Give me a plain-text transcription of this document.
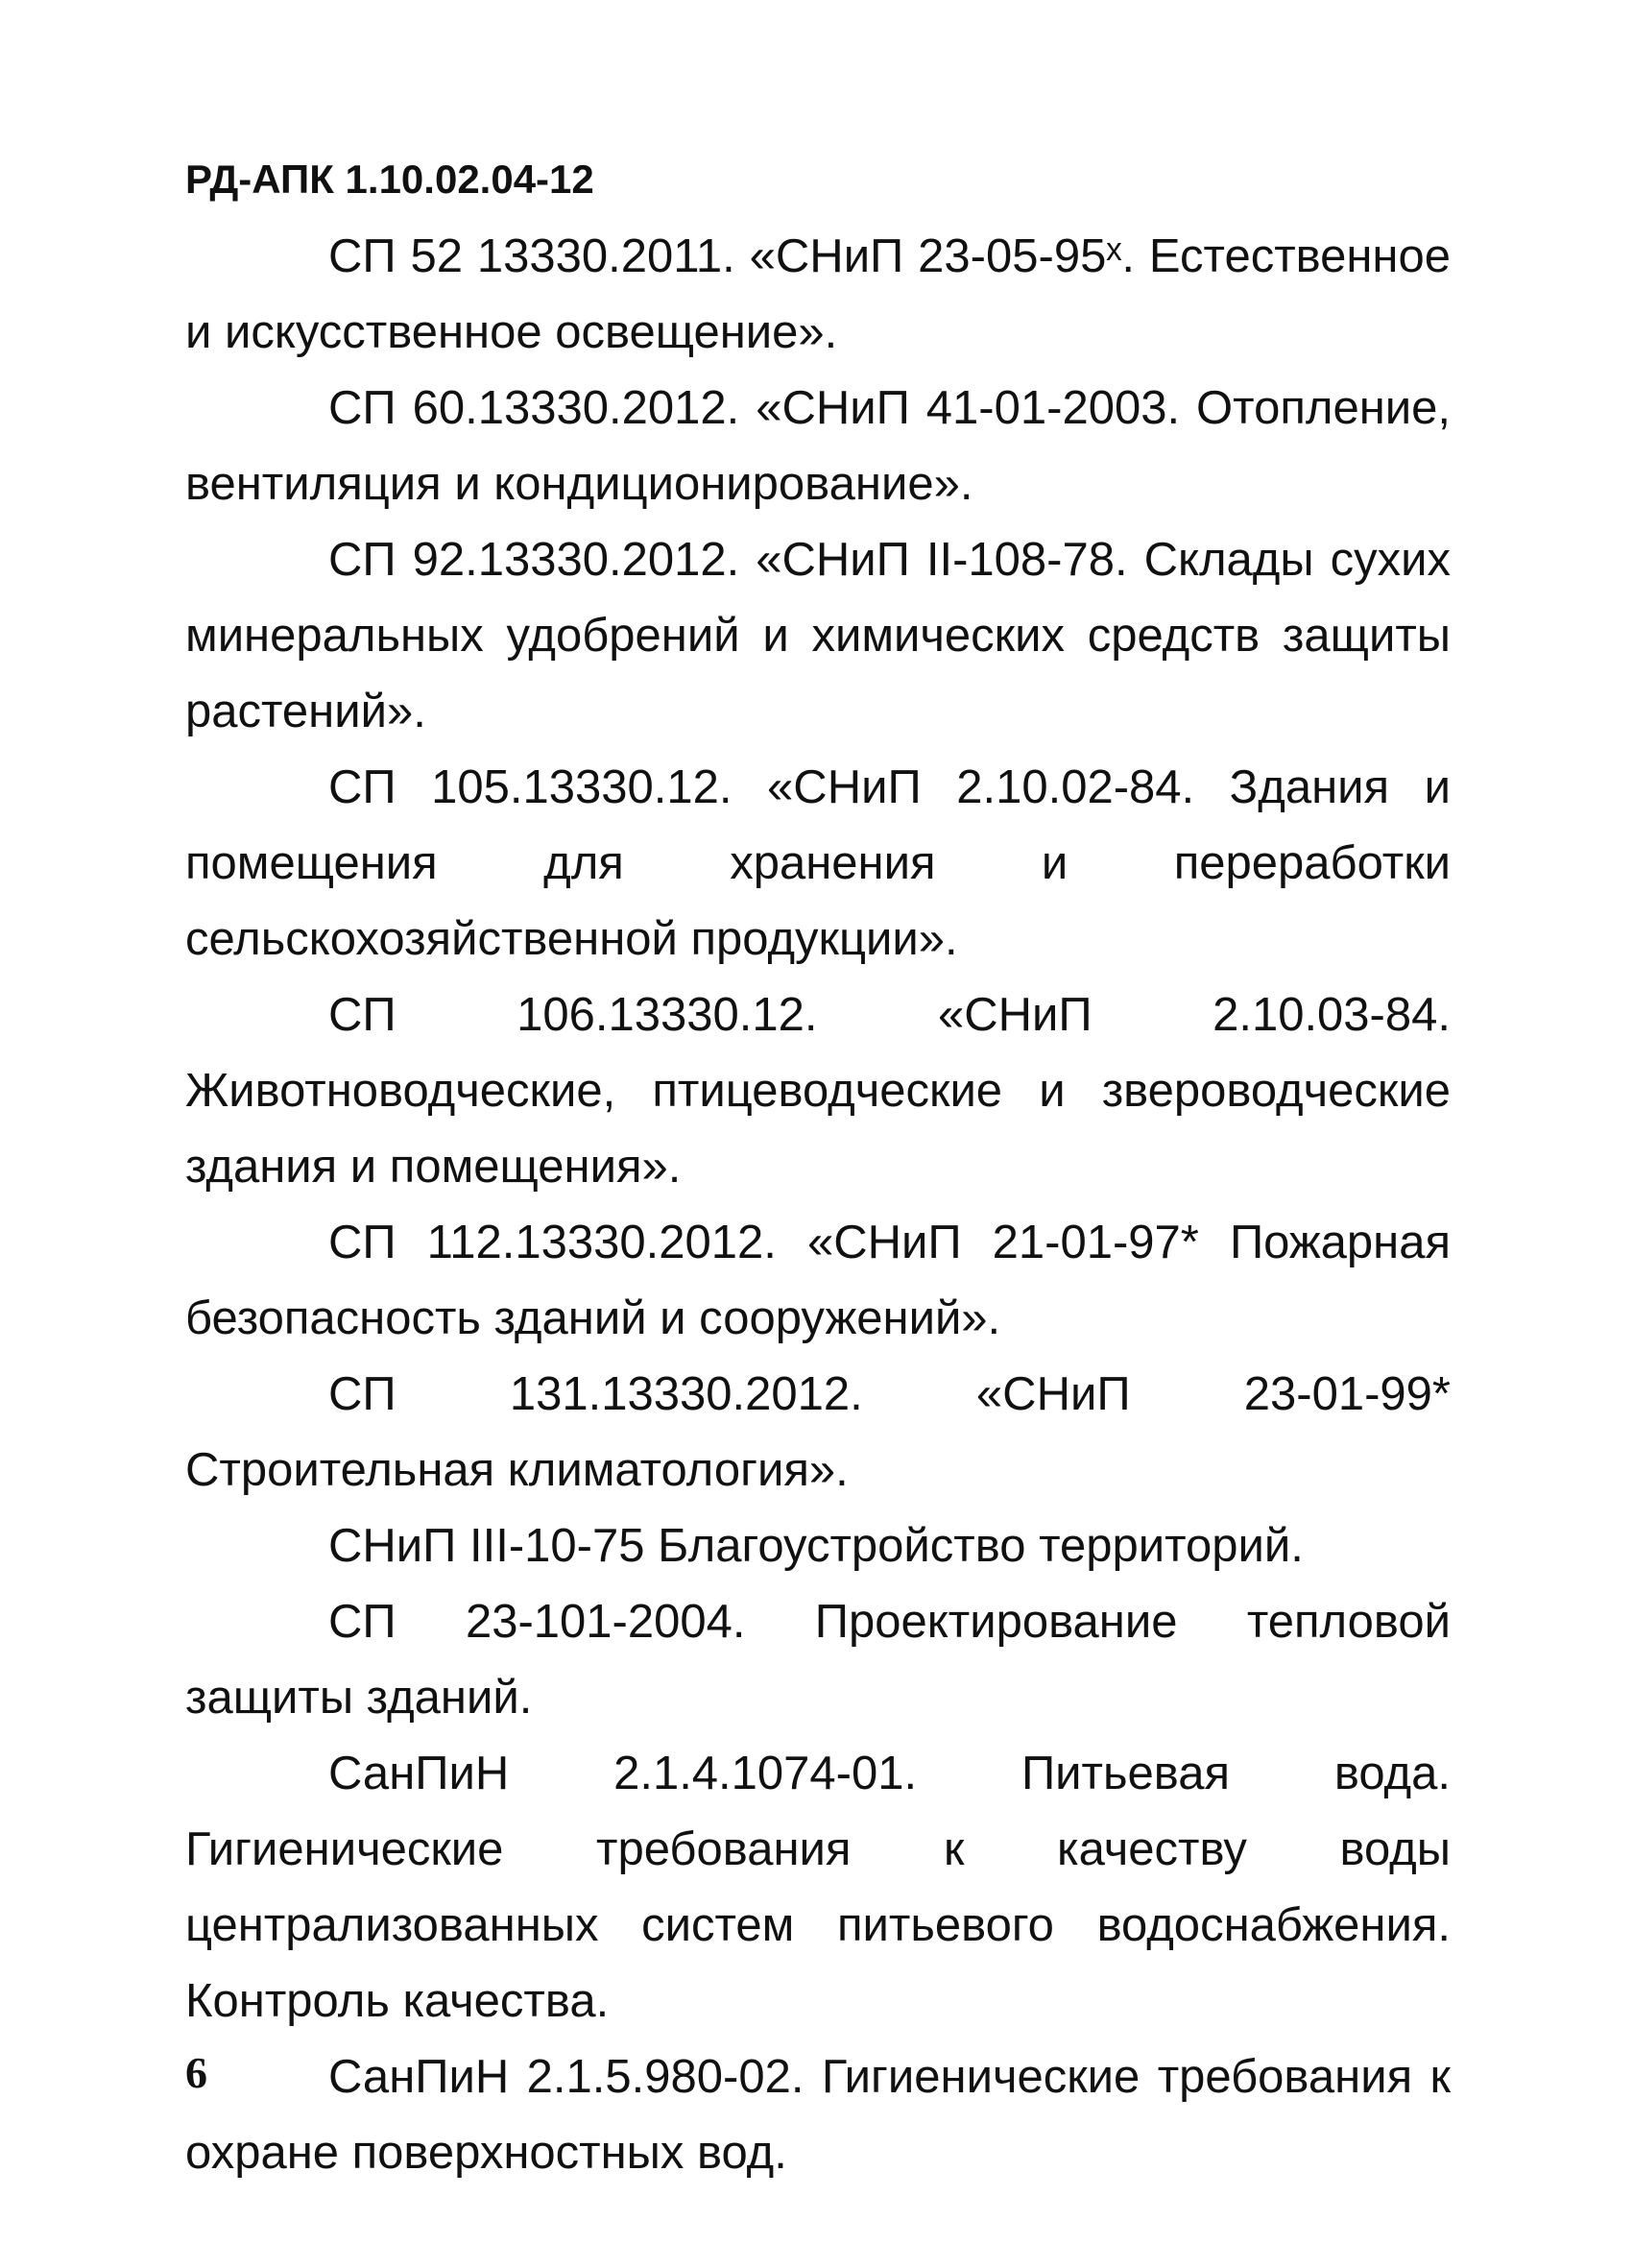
РД-АПК 1.10.02.04-12

СП 52 13330.2011. «СНиП 23-05-95ˣ. Естественное и искусственное освещение».

СП 60.13330.2012. «СНиП 41-01-2003. Отопление, вентиляция и кондиционирование».

СП 92.13330.2012. «СНиП II-108-78. Склады сухих минеральных удобрений и химических средств защиты растений».

СП 105.13330.12. «СНиП 2.10.02-84. Здания и помещения для хранения и переработки сельскохозяйственной продукции».

СП 106.13330.12. «СНиП 2.10.03-84. Животноводческие, птицеводческие и звероводческие здания и помещения».

СП 112.13330.2012. «СНиП 21-01-97* Пожарная безопасность зданий и сооружений».

СП 131.13330.2012. «СНиП 23-01-99* Строительная климатология».

СНиП III-10-75 Благоустройство территорий.

СП 23-101-2004. Проектирование тепловой защиты зданий.

СанПиН 2.1.4.1074-01. Питьевая вода. Гигиенические требования к качеству воды централизованных систем питьевого водоснабжения. Контроль качества.

СанПиН 2.1.5.980-02. Гигиенические требования к охране поверхностных вод.

6
